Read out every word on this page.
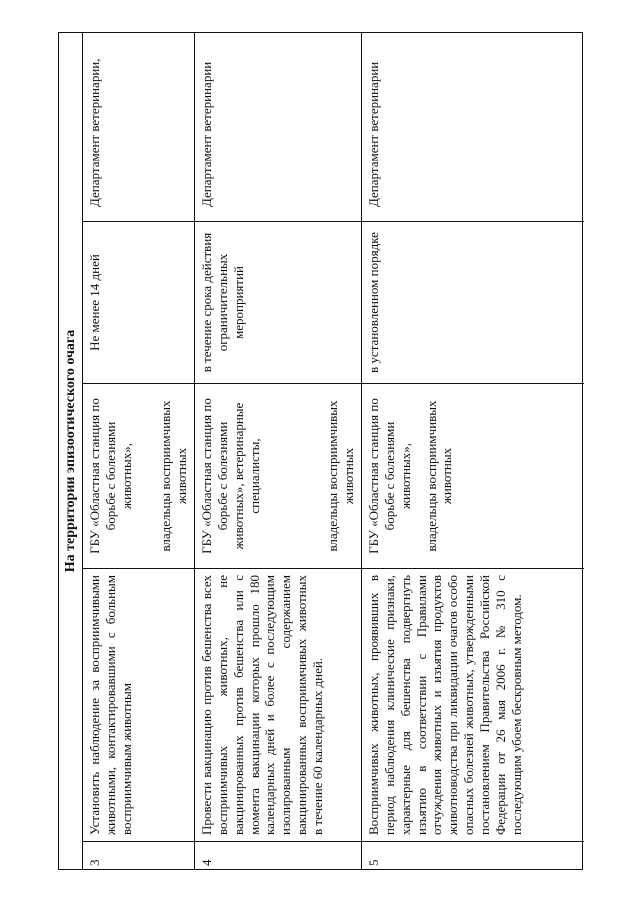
На территории эпизоотического очага
3
Установить наблюдение за восприимчивыми животными, контактировавшими с больным восприимчивым животным
ГБУ «Областная станция по борьбе с болезнями животных», владельцы восприимчивых животных
Не менее 14 дней
Департамент ветеринарии,
4
Провести вакцинацию против бешенства всех восприимчивых животных, не вакцинированных против бешенства или с момента вакцинации которых прошло 180 календарных дней и более с последующим изолированным содержанием вакцинированных восприимчивых животных в течение 60 календарных дней.
ГБУ «Областная станция по борьбе с болезнями животных», ветеринарные специалисты,	владельцы восприимчивых животных
в течение срока действия ограничительных мероприятий
Департамент ветеринарии
5
Восприимчивых животных, проявивших в период наблюдения клинические признаки, характерные для бешенства подвергнуть изъятию в соответствии с Правилами отчуждения животных и изъятия продуктов животноводства при ликвидации очагов особо опасных болезней животных, утвержденными постановлением Правительства Российской Федерации от 26 мая 2006 г. № 310 с последующим убоем бескровным методом.
ГБУ «Областная станция по борьбе с болезнями животных», владельцы восприимчивых животных
в установленном порядке
Департамент ветеринарии
